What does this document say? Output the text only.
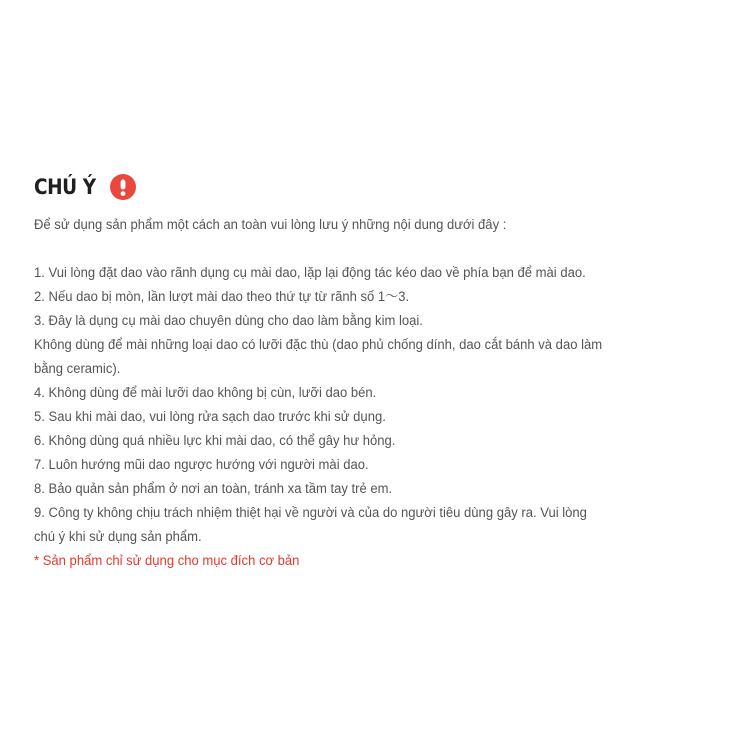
CHÚ Ý
Để sử dụng sản phẩm một cách an toàn vui lòng lưu ý những nội dung dưới đây :
1. Vui lòng đặt dao vào rãnh dụng cụ mài dao, lặp lại động tác kéo dao về phía bạn để mài dao.
2. Nếu dao bị mòn, lần lượt mài dao theo thứ tự từ rãnh số 1～3.
3. Đây là dụng cụ mài dao chuyên dùng cho dao làm bằng kim loại.
Không dùng để mài những loại dao có lưỡi đặc thù (dao phủ chống dính, dao cắt bánh và dao làm
bằng ceramic).
4. Không dùng để mài lưỡi dao không bị cùn, lưỡi dao bén.
5. Sau khi mài dao, vui lòng rửa sạch dao trước khi sử dụng.
6. Không dùng quá nhiều lực khi mài dao, có thể gây hư hỏng.
7. Luôn hướng mũi dao ngược hướng với người mài dao.
8. Bảo quản sản phẩm ở nơi an toàn, tránh xa tầm tay trẻ em.
9. Công ty không chịu trách nhiệm thiệt hại về người và của do người tiêu dùng gây ra. Vui lòng
chú ý khi sử dụng sản phẩm.
* Sản phẩm chỉ sử dụng cho mục đích cơ bản
